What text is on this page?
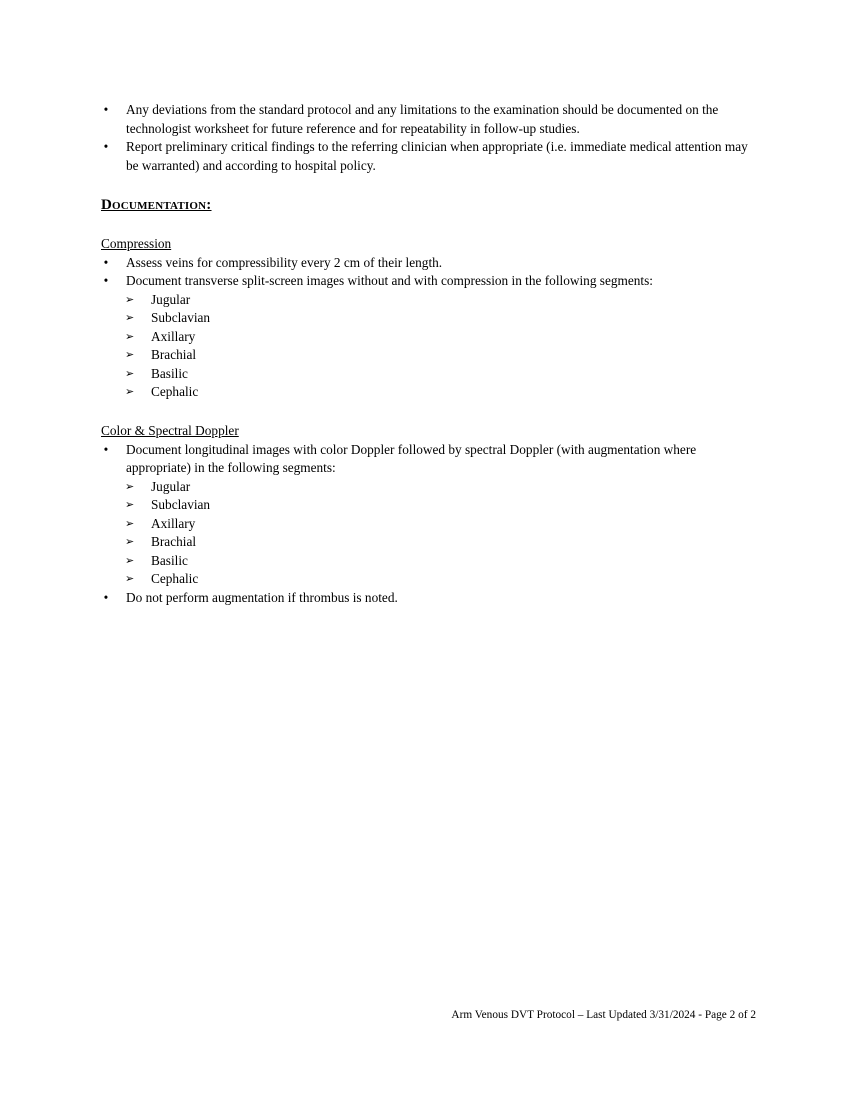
• Any deviations from the standard protocol and any limitations to the examination should be documented on the technologist worksheet for future reference and for repeatability in follow-up studies.
• Report preliminary critical findings to the referring clinician when appropriate (i.e. immediate medical attention may be warranted) and according to hospital policy.
Documentation:
Compression
• Assess veins for compressibility every 2 cm of their length.
• Document transverse split-screen images without and with compression in the following segments:
➢ Jugular
➢ Subclavian
➢ Axillary
➢ Brachial
➢ Basilic
➢ Cephalic
Color & Spectral Doppler
• Document longitudinal images with color Doppler followed by spectral Doppler (with augmentation where appropriate) in the following segments:
➢ Jugular
➢ Subclavian
➢ Axillary
➢ Brachial
➢ Basilic
➢ Cephalic
• Do not perform augmentation if thrombus is noted.
Arm Venous DVT Protocol – Last Updated 3/31/2024 - Page 2 of 2
